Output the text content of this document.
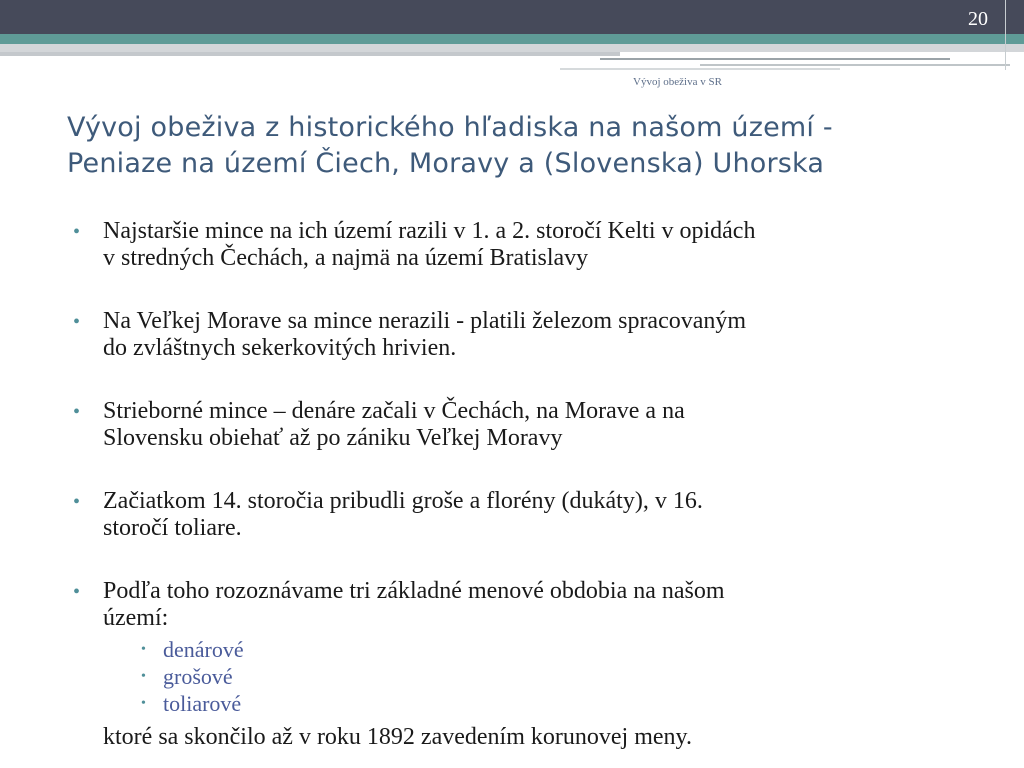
20
Vývoj obeživa v SR
Vývoj obeživa z historického hľadiska na našom území -
Peniaze na území Čiech, Moravy a (Slovenska) Uhorska
• Najstaršie mince na ich území razili v 1. a 2. storočí Kelti v opidách
v stredných Čechách, a najmä na území Bratislavy
• Na Veľkej Morave sa mince nerazili - platili železom spracovaným
do zvláštnych sekerkovitých hrivien.
• Strieborné mince – denáre začali v Čechách, na Morave a na
Slovensku obiehať až po zániku Veľkej Moravy
• Začiatkom 14. storočia pribudli groše a florény (dukáty), v 16.
storočí toliare.
• Podľa toho rozoznávame tri základné menové obdobia na našom
území:
• denárové
• grošové
• toliarové
ktoré sa skončilo až v roku 1892 zavedením korunovej meny.
